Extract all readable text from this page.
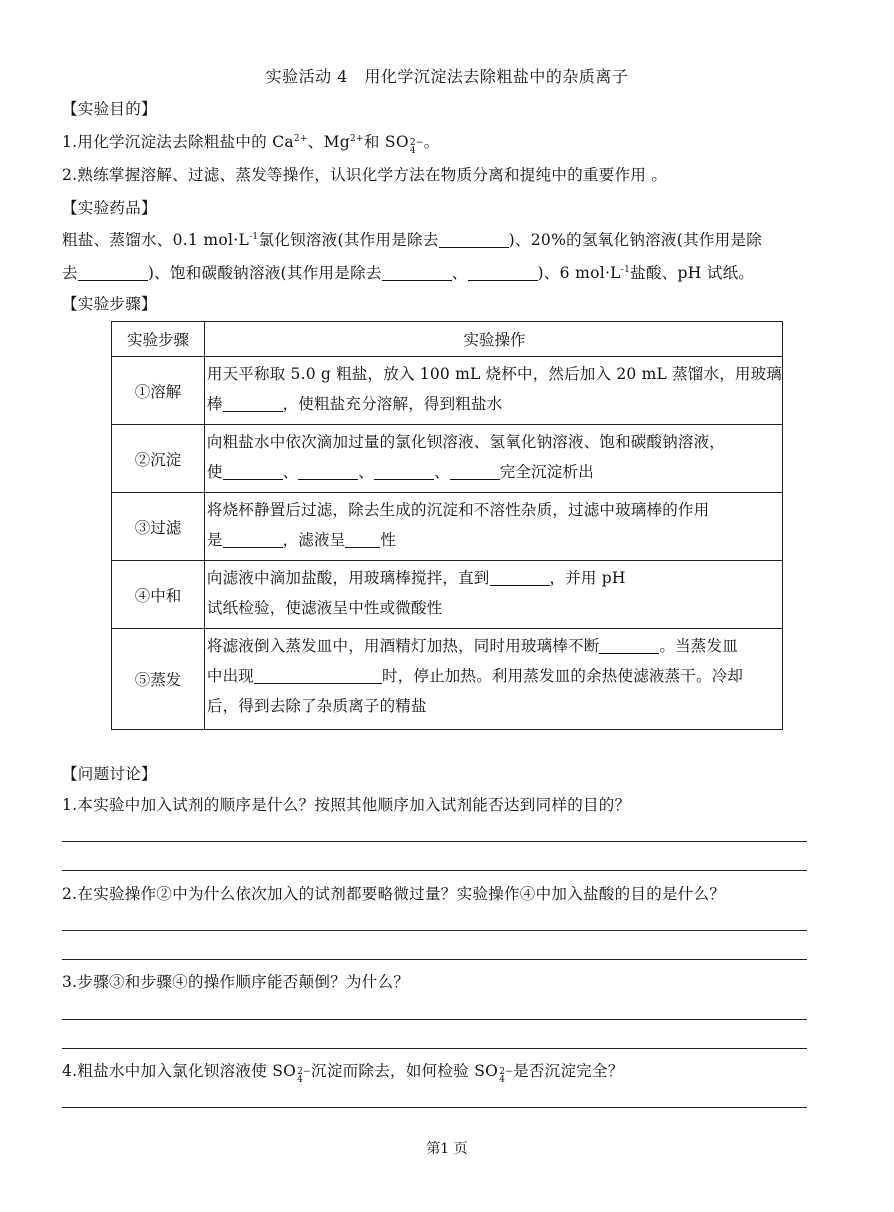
实验活动 4　用化学沉淀法去除粗盐中的杂质离子
【实验目的】
1.用化学沉淀法去除粗盐中的 $Ca^{2+}$、$Mg^{2+}$和 SO 2−
4 。
2.熟练掌握溶解、过滤、蒸发等操作，认识化学方法在物质分离和提纯中的重要作用 。
【实验药品】
粗盐、蒸馏水、0.1 $mol\cdot L^{-1}$氯化钡溶液(其作用是除去	)、20%的氢氧化钠溶液(其作用是除
去	)、饱和碳酸钠溶液(其作用是除去	、	)、6 $mol\cdot L^{-1}$盐酸、pH 试纸。
【实验步骤】
实验步骤	实验操作
①溶解	用天平称取 5.0 g 粗盐，放入 100 mL 烧杯中，然后加入 20 mL 蒸馏水，用玻璃
棒 ，使粗盐充分溶解，得到粗盐水

②沉淀	向粗盐水中依次滴加过量的氯化钡溶液、氢氧化钠溶液、饱和碳酸钠溶液，
使 、 、 、 完全沉淀析出

③过滤	将烧杯静置后过滤，除去生成的沉淀和不溶性杂质，过滤中玻璃棒的作用
是 ，滤液呈 性

④中和	向滤液中滴加盐酸，用玻璃棒搅拌，直到 ，并用 pH
试纸检验，使滤液呈中性或微酸性

⑤蒸发	将滤液倒入蒸发皿中，用酒精灯加热，同时用玻璃棒不断 。当蒸发皿
中出现 时，停止加热。利用蒸发皿的余热使滤液蒸干。冷却
后，得到去除了杂质离子的精盐
【问题讨论】
1.本实验中加入试剂的顺序是什么？按照其他顺序加入试剂能否达到同样的目的？
2.在实验操作②中为什么依次加入的试剂都要略微过量？实验操作④中加入盐酸的目的是什么？
3.步骤③和步骤④的操作顺序能否颠倒？为什么？
4.粗盐水中加入氯化钡溶液使 SO 2−
4 沉淀而除去，如何检验 SO 2−
4 是否沉淀完全？
第1 页
